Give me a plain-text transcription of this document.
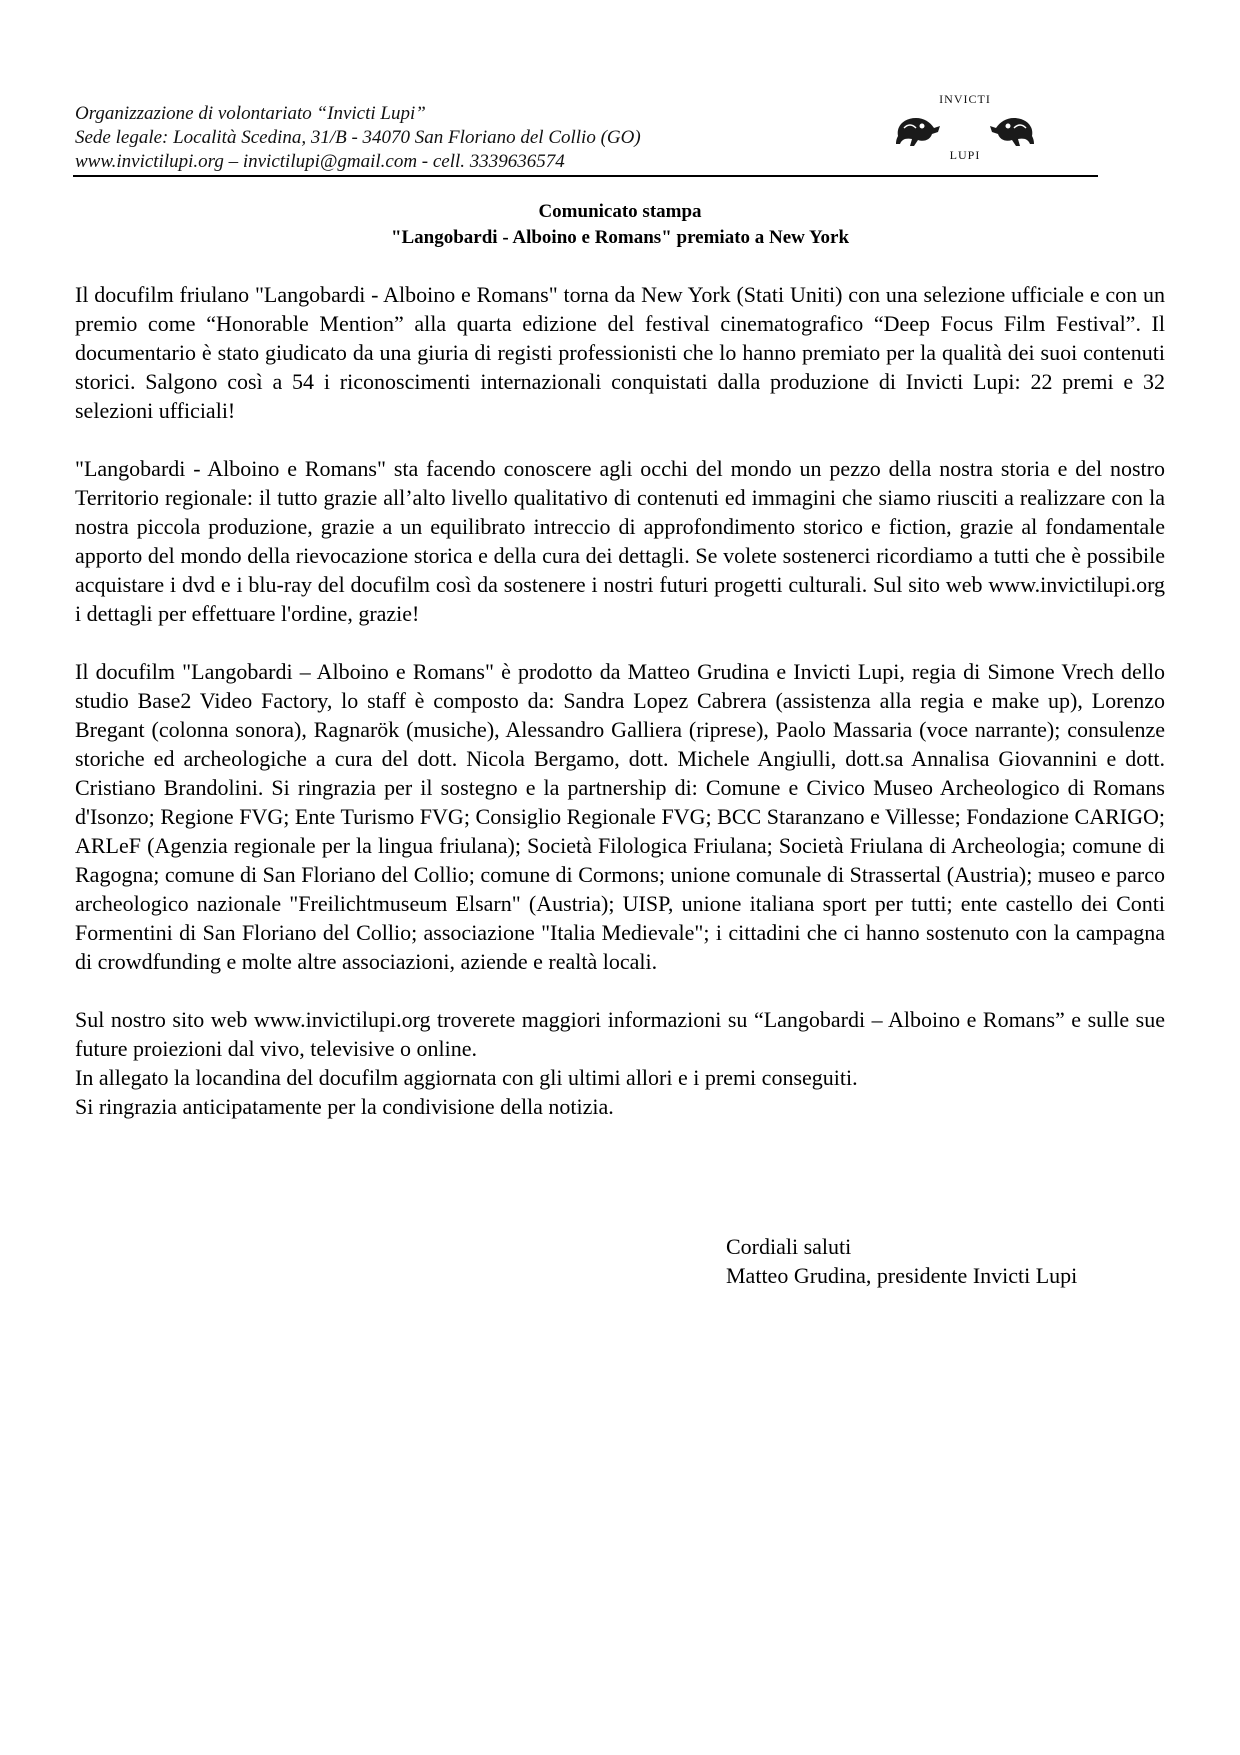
Organizzazione di volontariato “Invicti Lupi”
Sede legale: Località Scedina, 31/B - 34070 San Floriano del Collio (GO)
www.invictilupi.org – invictilupi@gmail.com - cell. 3339636574
INVICTI
LUPI
Comunicato stampa
"Langobardi - Alboino e Romans" premiato a New York

Il docufilm friulano "Langobardi - Alboino e Romans" torna da New York (Stati Uniti) con una selezione ufficiale e con un premio come “Honorable Mention” alla quarta edizione del festival cinematografico “Deep Focus Film Festival”. Il documentario è stato giudicato da una giuria di registi professionisti che lo hanno premiato per la qualità dei suoi contenuti storici. Salgono così a 54 i riconoscimenti internazionali conquistati dalla produzione di Invicti Lupi: 22 premi e 32 selezioni ufficiali!

"Langobardi - Alboino e Romans" sta facendo conoscere agli occhi del mondo un pezzo della nostra storia e del nostro Territorio regionale: il tutto grazie all’alto livello qualitativo di contenuti ed immagini che siamo riusciti a realizzare con la nostra piccola produzione, grazie a un equilibrato intreccio di approfondimento storico e fiction, grazie al fondamentale apporto del mondo della rievocazione storica e della cura dei dettagli. Se volete sostenerci ricordiamo a tutti che è possibile acquistare i dvd e i blu-ray del docufilm così da sostenere i nostri futuri progetti culturali. Sul sito web www.invictilupi.org i dettagli per effettuare l'ordine, grazie!

Il docufilm "Langobardi – Alboino e Romans" è prodotto da Matteo Grudina e Invicti Lupi, regia di Simone Vrech dello studio Base2 Video Factory, lo staff è composto da: Sandra Lopez Cabrera (assistenza alla regia e make up), Lorenzo Bregant (colonna sonora), Ragnarök (musiche), Alessandro Galliera (riprese), Paolo Massaria (voce narrante); consulenze storiche ed archeologiche a cura del dott. Nicola Bergamo, dott. Michele Angiulli, dott.sa Annalisa Giovannini e dott. Cristiano Brandolini. Si ringrazia per il sostegno e la partnership di: Comune e Civico Museo Archeologico di Romans d'Isonzo; Regione FVG; Ente Turismo FVG; Consiglio Regionale FVG; BCC Staranzano e Villesse; Fondazione CARIGO; ARLeF (Agenzia regionale per la lingua friulana); Società Filologica Friulana; Società Friulana di Archeologia; comune di Ragogna; comune di San Floriano del Collio; comune di Cormons; unione comunale di Strassertal (Austria); museo e parco archeologico nazionale "Freilichtmuseum Elsarn" (Austria); UISP, unione italiana sport per tutti; ente castello dei Conti Formentini di San Floriano del Collio; associazione "Italia Medievale"; i cittadini che ci hanno sostenuto con la campagna di crowdfunding e molte altre associazioni, aziende e realtà locali.

Sul nostro sito web www.invictilupi.org troverete maggiori informazioni su “Langobardi – Alboino e Romans” e sulle sue future proiezioni dal vivo, televisive o online.

In allegato la locandina del docufilm aggiornata con gli ultimi allori e i premi conseguiti.

Si ringrazia anticipatamente per la condivisione della notizia.

Cordiali saluti
Matteo Grudina, presidente Invicti Lupi
